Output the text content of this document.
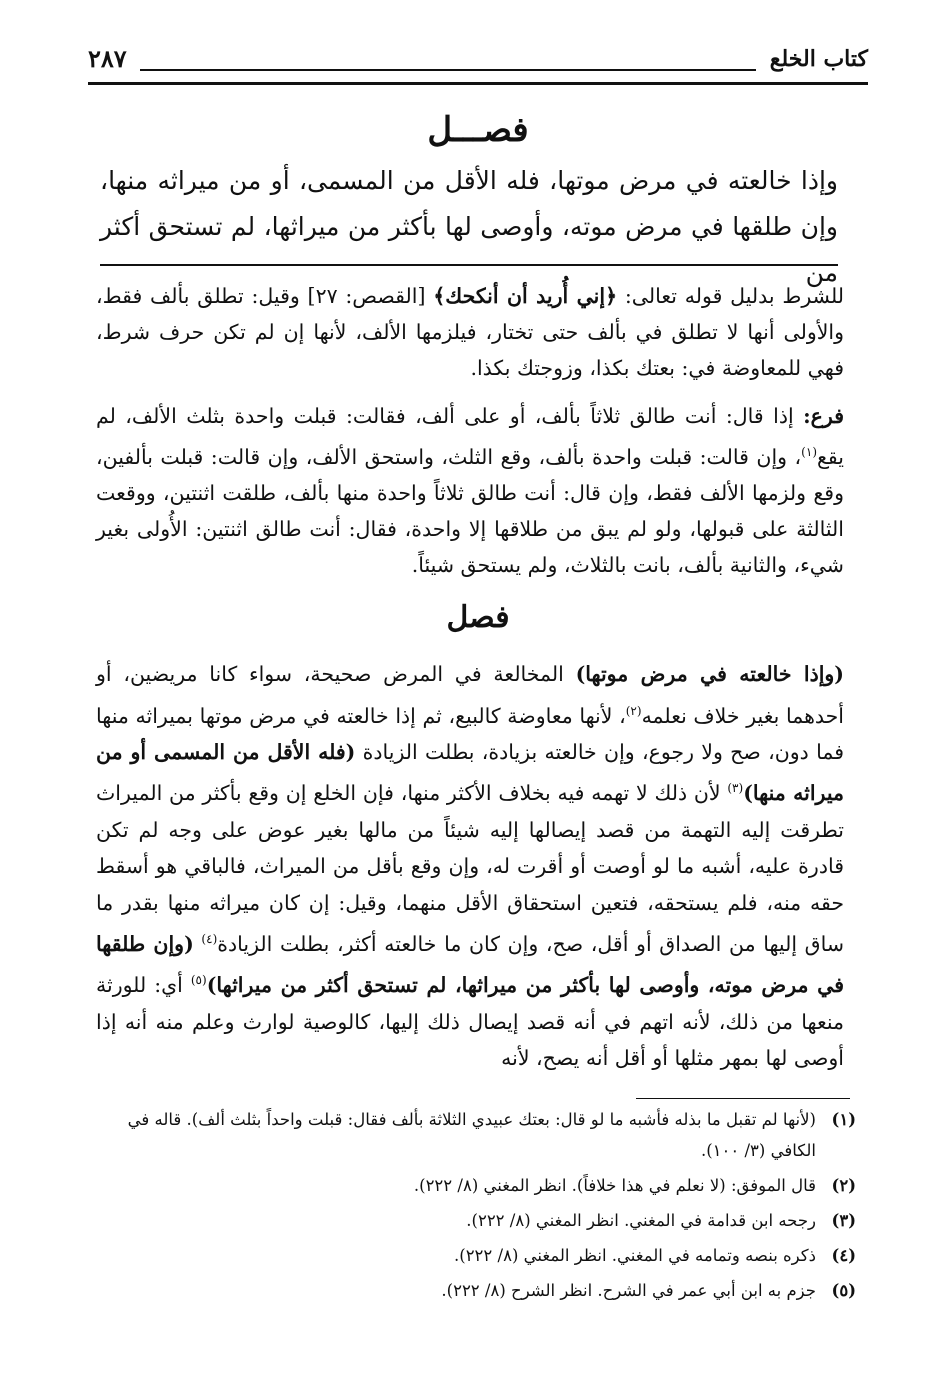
كتاب الخلع
٢٨٧
فصـــل
وإذا خالعته في مرض موتها، فله الأقل من المسمى، أو من ميراثه منها، وإن طلقها في مرض موته، وأوصى لها بأكثر من ميراثها، لم تستحق أكثر من
للشرط بدليل قوله تعالى: ﴿إني أُريد أن أنكحك﴾ [القصص: ٢٧] وقيل: تطلق بألف فقط، والأولى أنها لا تطلق في بألف حتى تختار، فيلزمها الألف، لأنها إن لم تكن حرف شرط، فهي للمعاوضة في: بعتك بكذا، وزوجتك بكذا.
فرع: إذا قال: أنت طالق ثلاثاً بألف، أو على ألف، فقالت: قبلت واحدة بثلث الألف، لم يقع$^{(١)}$، وإن قالت: قبلت واحدة بألف، وقع الثلث، واستحق الألف، وإن قالت: قبلت بألفين، وقع ولزمها الألف فقط، وإن قال: أنت طالق ثلاثاً واحدة منها بألف، طلقت اثنتين، ووقعت الثالثة على قبولها، ولو لم يبق من طلاقها إلا واحدة، فقال: أنت طالق اثنتين: الأُولى بغير شيء، والثانية بألف، بانت بالثلاث، ولم يستحق شيئاً.
فصل
(وإذا خالعته في مرض موتها) المخالعة في المرض صحيحة، سواء كانا مريضين، أو أحدهما بغير خلاف نعلمه$^{(٢)}$، لأنها معاوضة كالبيع، ثم إذا خالعته في مرض موتها بميراثه منها فما دون، صح ولا رجوع، وإن خالعته بزيادة، بطلت الزيادة (فله الأقل من المسمى أو من ميراثه منها)$^{(٣)}$ لأن ذلك لا تهمه فيه بخلاف الأكثر منها، فإن الخلع إن وقع بأكثر من الميراث تطرقت إليه التهمة من قصد إيصالها إليه شيئاً من مالها بغير عوض على وجه لم تكن قادرة عليه، أشبه ما لو أوصت أو أقرت له، وإن وقع بأقل من الميراث، فالباقي هو أسقط حقه منه، فلم يستحقه، فتعين استحقاق الأقل منهما، وقيل: إن كان ميراثه منها بقدر ما ساق إليها من الصداق أو أقل، صح، وإن كان ما خالعته أكثر، بطلت الزيادة$^{(٤)}$ (وإن طلقها في مرض موته، وأوصى لها بأكثر من ميراثها، لم تستحق أكثر من ميراثها)$^{(٥)}$ أي: للورثة منعها من ذلك، لأنه اتهم في أنه قصد إيصال ذلك إليها، كالوصية لوارث وعلم منه أنه إذا أوصى لها بمهر مثلها أو أقل أنه يصح، لأنه
(١)
(لأنها لم تقبل ما بذله فأشبه ما لو قال: بعتك عبيدي الثلاثة بألف فقال: قبلت واحداً بثلث ألف). قاله في الكافي (٣/ ١٠٠).
(٢)
قال الموفق: (لا نعلم في هذا خلافاً). انظر المغني (٨/ ٢٢٢).
(٣)
رجحه ابن قدامة في المغني. انظر المغني (٨/ ٢٢٢).
(٤)
ذكره بنصه وتمامه في المغني. انظر المغني (٨/ ٢٢٢).
(٥)
جزم به ابن أبي عمر في الشرح. انظر الشرح (٨/ ٢٢٢).
